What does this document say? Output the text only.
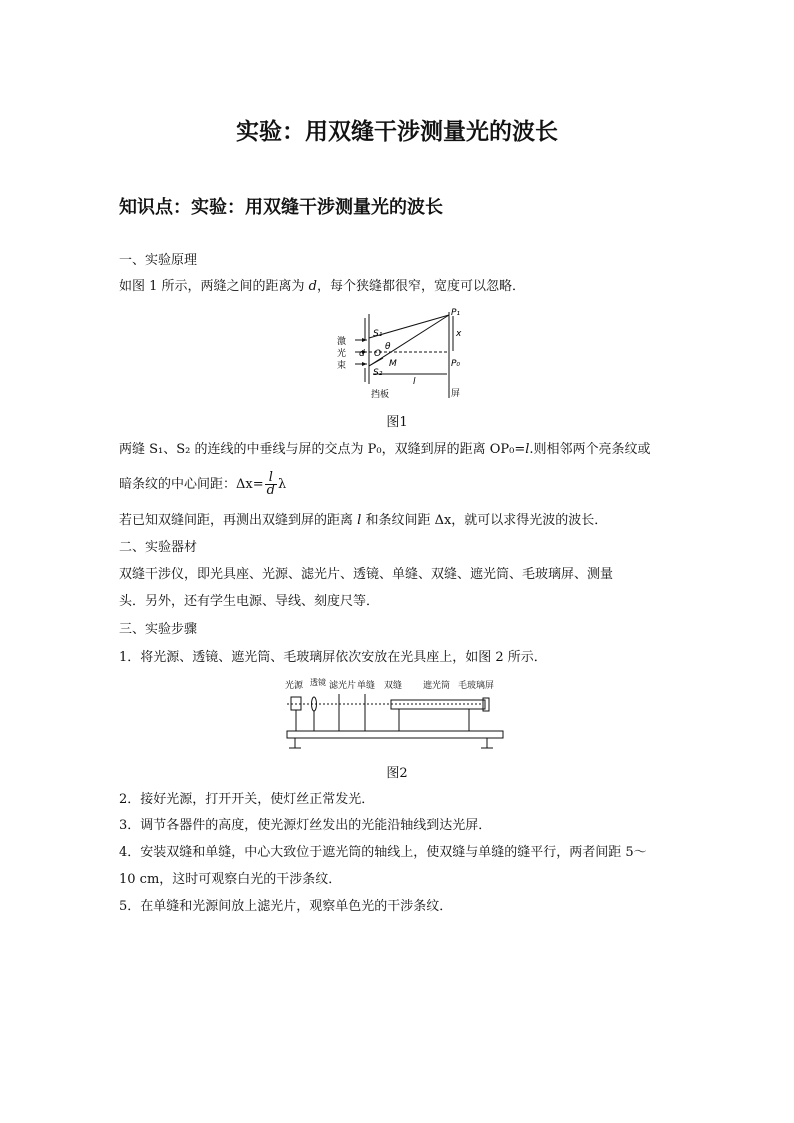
实验：用双缝干涉测量光的波长
知识点：实验：用双缝干涉测量光的波长
一、实验原理
如图 1 所示，两缝之间的距离为 d，每个狭缝都很窄，宽度可以忽略．
激
光
束
S₁
S₂
d O
θ
M
P₁
P₀
x
l
挡板	屏
图1
两缝 S₁、S₂ 的连线的中垂线与屏的交点为 P₀，双缝到屏的距离 OP₀=l.则相邻两个亮条纹或
暗条纹的中心间距：$\Delta x= \frac{l}{d}$ λ
若已知双缝间距，再测出双缝到屏的距离 l 和条纹间距 Δx，就可以求得光波的波长．
二、实验器材
双缝干涉仪，即光具座、光源、滤光片、透镜、单缝、双缝、遮光筒、毛玻璃屏、测量
头．另外，还有学生电源、导线、刻度尺等．
三、实验步骤
1．将光源、透镜、遮光筒、毛玻璃屏依次安放在光具座上，如图 2 所示．
光源 透镜 滤光片 单缝 双缝 遮光筒 毛玻璃屏
图2
2．接好光源，打开开关，使灯丝正常发光．
3．调节各器件的高度，使光源灯丝发出的光能沿轴线到达光屏．
4．安装双缝和单缝，中心大致位于遮光筒的轴线上，使双缝与单缝的缝平行，两者间距 5～
10 cm，这时可观察白光的干涉条纹．
5．在单缝和光源间放上滤光片，观察单色光的干涉条纹．
